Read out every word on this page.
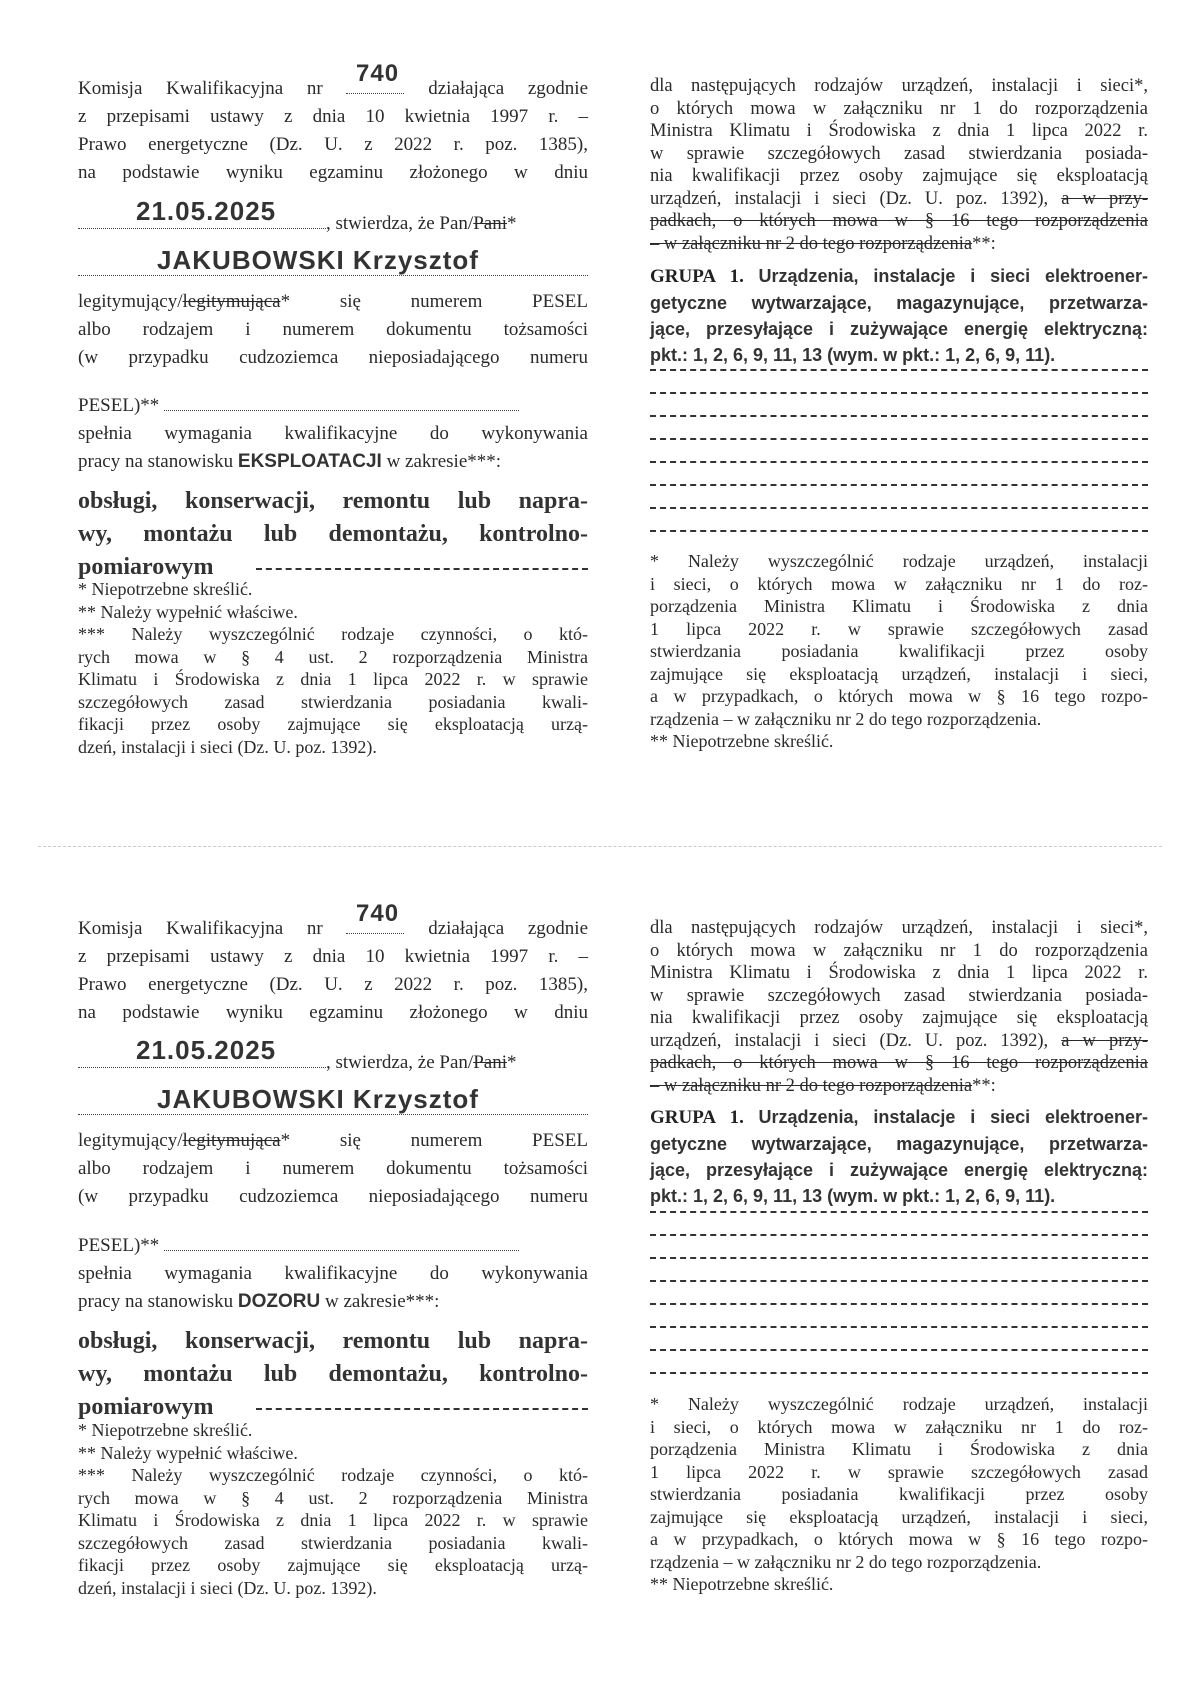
740
Komisja Kwalifikacyjna nr	działająca zgodnie
z przepisami ustawy z dnia 10 kwietnia 1997 r. –
Prawo energetyczne (Dz. U. z 2022 r. poz. 1385),
na podstawie wyniku egzaminu złożonego w dniu
21.05.2025	, stwierdza, że Pan/Pani*
JAKUBOWSKI Krzysztof
legitymujący/legitymująca* się numerem PESEL
albo rodzajem i numerem dokumentu tożsamości
(w przypadku cudzoziemca nieposiadającego numeru
PESEL)**
spełnia wymagania kwalifikacyjne do wykonywania
pracy na stanowisku EKSPLOATACJI w zakresie***:
obsługi, konserwacji, remontu lub napra-
wy, montażu lub demontażu, kontrolno-
pomiarowym
* Niepotrzebne skreślić.
** Należy wypełnić właściwe.
*** Należy wyszczególnić rodzaje czynności, o któ-
rych mowa w § 4 ust. 2 rozporządzenia Ministra
Klimatu i Środowiska z dnia 1 lipca 2022 r. w sprawie
szczegółowych zasad stwierdzania posiadania kwali-
fikacji przez osoby zajmujące się eksploatacją urzą-
dzeń, instalacji i sieci (Dz. U. poz. 1392).
dla następujących rodzajów urządzeń, instalacji i sieci*,
o których mowa w załączniku nr 1 do rozporządzenia
Ministra Klimatu i Środowiska z dnia 1 lipca 2022 r.
w sprawie szczegółowych zasad stwierdzania posiada-
nia kwalifikacji przez osoby zajmujące się eksploatacją
urządzeń, instalacji i sieci (Dz. U. poz. 1392), a w przy-
padkach, o których mowa w § 16 tego rozporządzenia
– w załączniku nr 2 do tego rozporządzenia**:
GRUPA 1. Urządzenia, instalacje i sieci elektroener-
getyczne wytwarzające, magazynujące, przetwarza-
jące, przesyłające i zużywające energię elektryczną:
pkt.: 1, 2, 6, 9, 11, 13 (wym. w pkt.: 1, 2, 6, 9, 11).
* Należy wyszczególnić rodzaje urządzeń, instalacji
i sieci, o których mowa w załączniku nr 1 do roz-
porządzenia Ministra Klimatu i Środowiska z dnia
1 lipca 2022 r. w sprawie szczegółowych zasad
stwierdzania posiadania kwalifikacji przez osoby
zajmujące się eksploatacją urządzeń, instalacji i sieci,
a w przypadkach, o których mowa w § 16 tego rozpo-
rządzenia – w załączniku nr 2 do tego rozporządzenia.
** Niepotrzebne skreślić.
740
Komisja Kwalifikacyjna nr	działająca zgodnie
z przepisami ustawy z dnia 10 kwietnia 1997 r. –
Prawo energetyczne (Dz. U. z 2022 r. poz. 1385),
na podstawie wyniku egzaminu złożonego w dniu
21.05.2025	, stwierdza, że Pan/Pani*
JAKUBOWSKI Krzysztof
legitymujący/legitymująca* się numerem PESEL
albo rodzajem i numerem dokumentu tożsamości
(w przypadku cudzoziemca nieposiadającego numeru
PESEL)**
spełnia wymagania kwalifikacyjne do wykonywania
pracy na stanowisku DOZORU w zakresie***:
obsługi, konserwacji, remontu lub napra-
wy, montażu lub demontażu, kontrolno-
pomiarowym
* Niepotrzebne skreślić.
** Należy wypełnić właściwe.
*** Należy wyszczególnić rodzaje czynności, o któ-
rych mowa w § 4 ust. 2 rozporządzenia Ministra
Klimatu i Środowiska z dnia 1 lipca 2022 r. w sprawie
szczegółowych zasad stwierdzania posiadania kwali-
fikacji przez osoby zajmujące się eksploatacją urzą-
dzeń, instalacji i sieci (Dz. U. poz. 1392).
dla następujących rodzajów urządzeń, instalacji i sieci*,
o których mowa w załączniku nr 1 do rozporządzenia
Ministra Klimatu i Środowiska z dnia 1 lipca 2022 r.
w sprawie szczegółowych zasad stwierdzania posiada-
nia kwalifikacji przez osoby zajmujące się eksploatacją
urządzeń, instalacji i sieci (Dz. U. poz. 1392), a w przy-
padkach, o których mowa w § 16 tego rozporządzenia
– w załączniku nr 2 do tego rozporządzenia**:
GRUPA 1. Urządzenia, instalacje i sieci elektroener-
getyczne wytwarzające, magazynujące, przetwarza-
jące, przesyłające i zużywające energię elektryczną:
pkt.: 1, 2, 6, 9, 11, 13 (wym. w pkt.: 1, 2, 6, 9, 11).
* Należy wyszczególnić rodzaje urządzeń, instalacji
i sieci, o których mowa w załączniku nr 1 do roz-
porządzenia Ministra Klimatu i Środowiska z dnia
1 lipca 2022 r. w sprawie szczegółowych zasad
stwierdzania posiadania kwalifikacji przez osoby
zajmujące się eksploatacją urządzeń, instalacji i sieci,
a w przypadkach, o których mowa w § 16 tego rozpo-
rządzenia – w załączniku nr 2 do tego rozporządzenia.
** Niepotrzebne skreślić.
